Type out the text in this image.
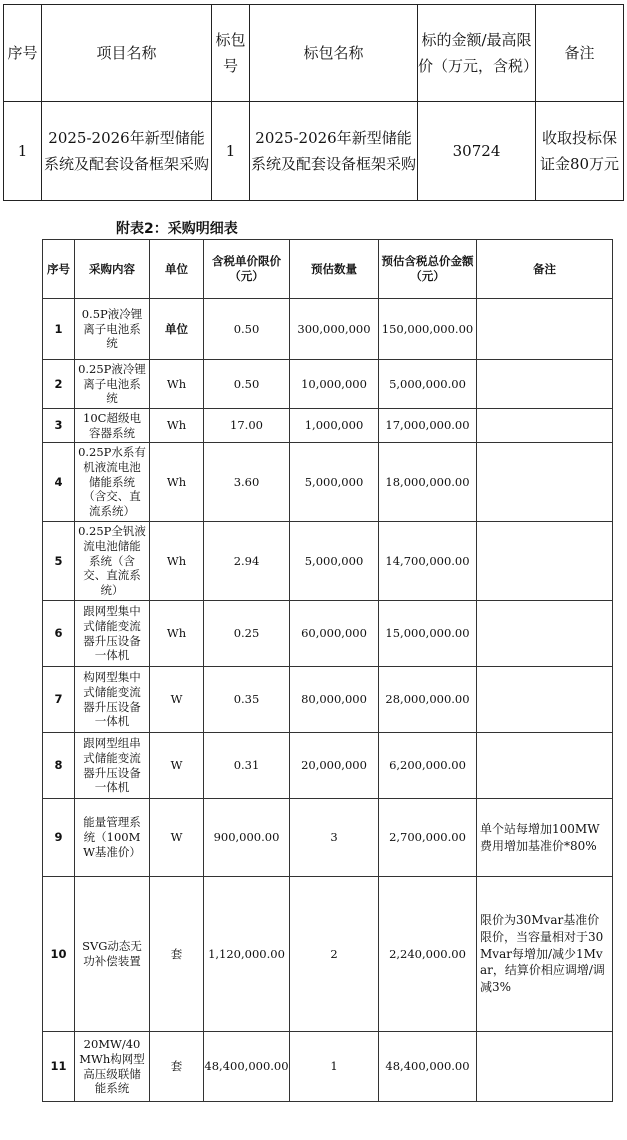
序号	项目名称	标包号	标包名称	标的金额/最高限价（万元，含税）	备注
1	2025-2026年新型储能系统及配套设备框架采购	1	2025-2026年新型储能系统及配套设备框架采购	30724	收取投标保证金80万元
附表2：采购明细表
序号	采购内容	单位	含税单价限价（元）	预估数量	预估含税总价金额（元）	备注
1	0.5P液冷锂离子电池系统	单位	0.50	300,000,000	150,000,000.00	
2	0.25P液冷锂离子电池系统	Wh	0.50	10,000,000	5,000,000.00	
3	10C超级电容器系统	Wh	17.00	1,000,000	17,000,000.00	
4	0.25P水系有机液流电池储能系统（含交、直流系统）	Wh	3.60	5,000,000	18,000,000.00	
5	0.25P全钒液流电池储能系统（含交、直流系统）	Wh	2.94	5,000,000	14,700,000.00	
6	跟网型集中式储能变流器升压设备一体机	Wh	0.25	60,000,000	15,000,000.00	
7	构网型集中式储能变流器升压设备一体机	W	0.35	80,000,000	28,000,000.00	
8	跟网型组串式储能变流器升压设备一体机	W	0.31	20,000,000	6,200,000.00	
9	能量管理系统（100MW基准价）	W	900,000.00	3	2,700,000.00	单个站每增加100MW费用增加基准价*80%
10	SVG动态无功补偿装置	套	1,120,000.00	2	2,240,000.00	限价为30Mvar基准价限价，当容量相对于30Mvar每增加/减少1Mvar，结算价相应调增/调减3%
11	20MW/40MWh构网型高压级联储能系统	套	48,400,000.00	1	48,400,000.00	
